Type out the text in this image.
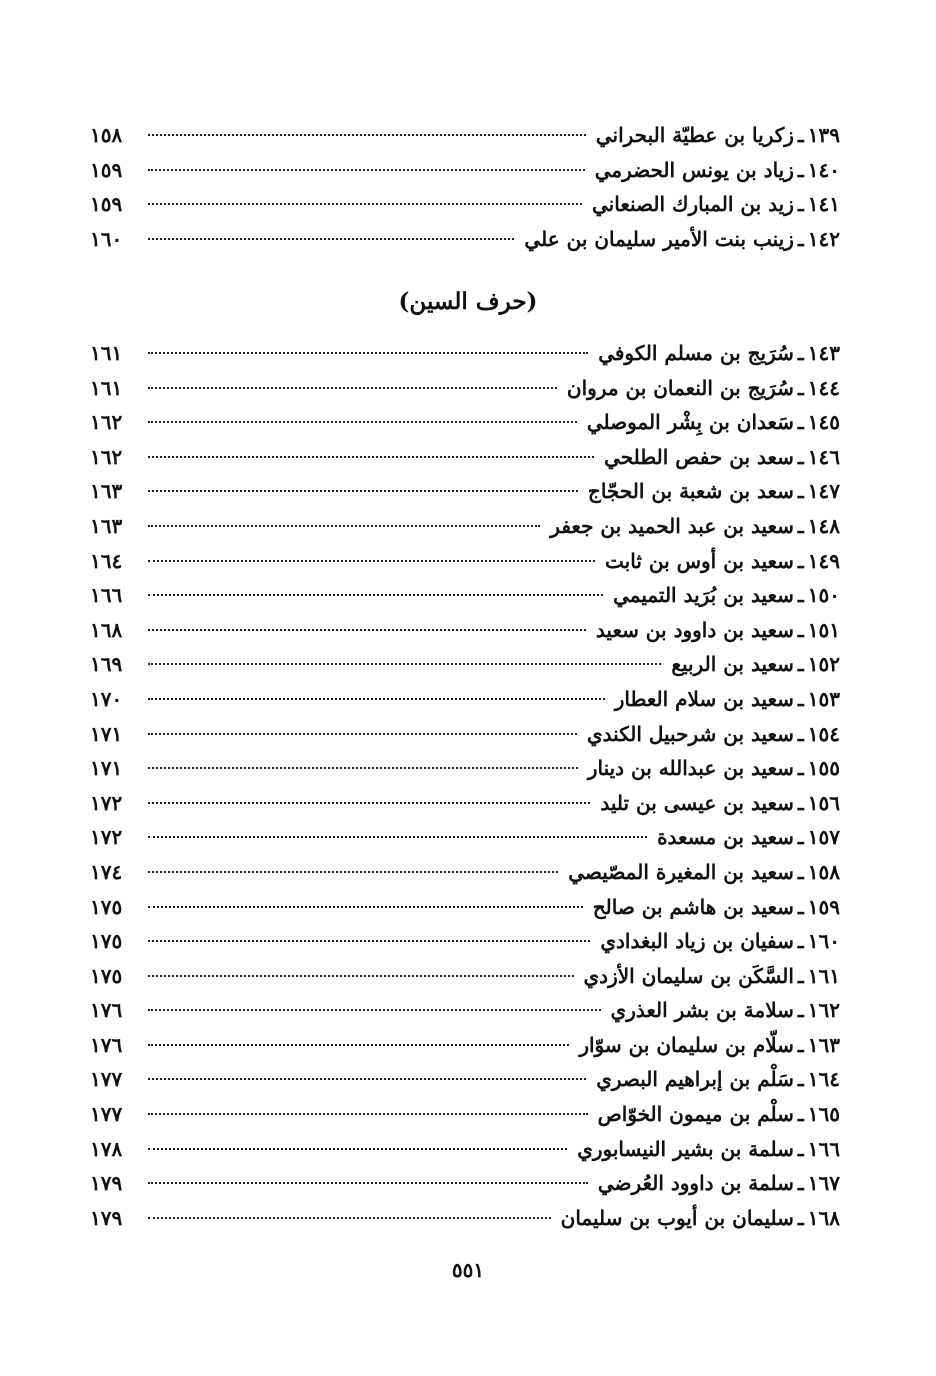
١٣٩
ـ
زكريا بن عطيّة البحراني
١٥٨
١٤٠
ـ
زياد بن يونس الحضرمي
١٥٩
١٤١
ـ
زيد بن المبارك الصنعاني
١٥٩
١٤٢
ـ
زينب بنت الأمير سليمان بن علي
١٦٠
(حرف السين)
١٤٣
ـ
سُرَيج بن مسلم الكوفي
١٦١
١٤٤
ـ
سُرَيج بن النعمان بن مروان
١٦١
١٤٥
ـ
سَعدان بن بِشْر الموصلي
١٦٢
١٤٦
ـ
سعد بن حفص الطلحي
١٦٢
١٤٧
ـ
سعد بن شعبة بن الحجّاج
١٦٣
١٤٨
ـ
سعيد بن عبد الحميد بن جعفر
١٦٣
١٤٩
ـ
سعيد بن أوس بن ثابت
١٦٤
١٥٠
ـ
سعيد بن بُرَيد التميمي
١٦٦
١٥١
ـ
سعيد بن داوود بن سعيد
١٦٨
١٥٢
ـ
سعيد بن الربيع
١٦٩
١٥٣
ـ
سعيد بن سلام العطار
١٧٠
١٥٤
ـ
سعيد بن شرحبيل الكندي
١٧١
١٥٥
ـ
سعيد بن عبدالله بن دينار
١٧١
١٥٦
ـ
سعيد بن عيسى بن تليد
١٧٢
١٥٧
ـ
سعيد بن مسعدة
١٧٢
١٥٨
ـ
سعيد بن المغيرة المصّيصي
١٧٤
١٥٩
ـ
سعيد بن هاشم بن صالح
١٧٥
١٦٠
ـ
سفيان بن زياد البغدادي
١٧٥
١٦١
ـ
السَّكَن بن سليمان الأزدي
١٧٥
١٦٢
ـ
سلامة بن بشر العذري
١٧٦
١٦٣
ـ
سلّام بن سليمان بن سوّار
١٧٦
١٦٤
ـ
سَلْم بن إبراهيم البصري
١٧٧
١٦٥
ـ
سلْم بن ميمون الخوّاص
١٧٧
١٦٦
ـ
سلمة بن بشير النيسابوري
١٧٨
١٦٧
ـ
سلمة بن داوود العُرضي
١٧٩
١٦٨
ـ
سليمان بن أيوب بن سليمان
١٧٩
٥٥١
